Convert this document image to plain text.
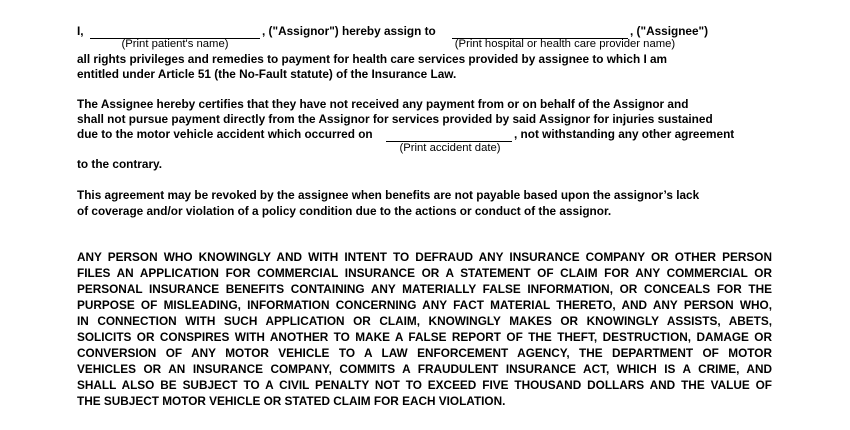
I,	, ("Assignor") hereby assign to	, ("Assignee")
(Print patient's name)	(Print hospital or health care provider name)
all rights privileges and remedies to payment for health care services provided by assignee to which I am
entitled under Article 51 (the No-Fault statute) of the Insurance Law.
The Assignee hereby certifies that they have not received any payment from or on behalf of the Assignor and
shall not pursue payment directly from the Assignor for services provided by said Assignor for injuries sustained
due to the motor vehicle accident which occurred on	, not withstanding any other agreement
(Print accident date)
to the contrary.
This agreement may be revoked by the assignee when benefits are not payable based upon the assignor’s lack
of coverage and/or violation of a policy condition due to the actions or conduct of the assignor.
ANY PERSON WHO KNOWINGLY AND WITH INTENT TO DEFRAUD ANY INSURANCE COMPANY OR OTHER PERSON
FILES AN APPLICATION FOR COMMERCIAL INSURANCE OR A STATEMENT OF CLAIM FOR ANY COMMERCIAL OR
PERSONAL INSURANCE BENEFITS CONTAINING ANY MATERIALLY FALSE INFORMATION, OR CONCEALS FOR THE
PURPOSE OF MISLEADING, INFORMATION CONCERNING ANY FACT MATERIAL THERETO, AND ANY PERSON WHO,
IN CONNECTION WITH SUCH APPLICATION OR CLAIM, KNOWINGLY MAKES OR KNOWINGLY ASSISTS, ABETS,
SOLICITS OR CONSPIRES WITH ANOTHER TO MAKE A FALSE REPORT OF THE THEFT, DESTRUCTION, DAMAGE OR
CONVERSION OF ANY MOTOR VEHICLE TO A LAW ENFORCEMENT AGENCY, THE DEPARTMENT OF MOTOR
VEHICLES OR AN INSURANCE COMPANY, COMMITS A FRAUDULENT INSURANCE ACT, WHICH IS A CRIME, AND
SHALL ALSO BE SUBJECT TO A CIVIL PENALTY NOT TO EXCEED FIVE THOUSAND DOLLARS AND THE VALUE OF
THE SUBJECT MOTOR VEHICLE OR STATED CLAIM FOR EACH VIOLATION.
